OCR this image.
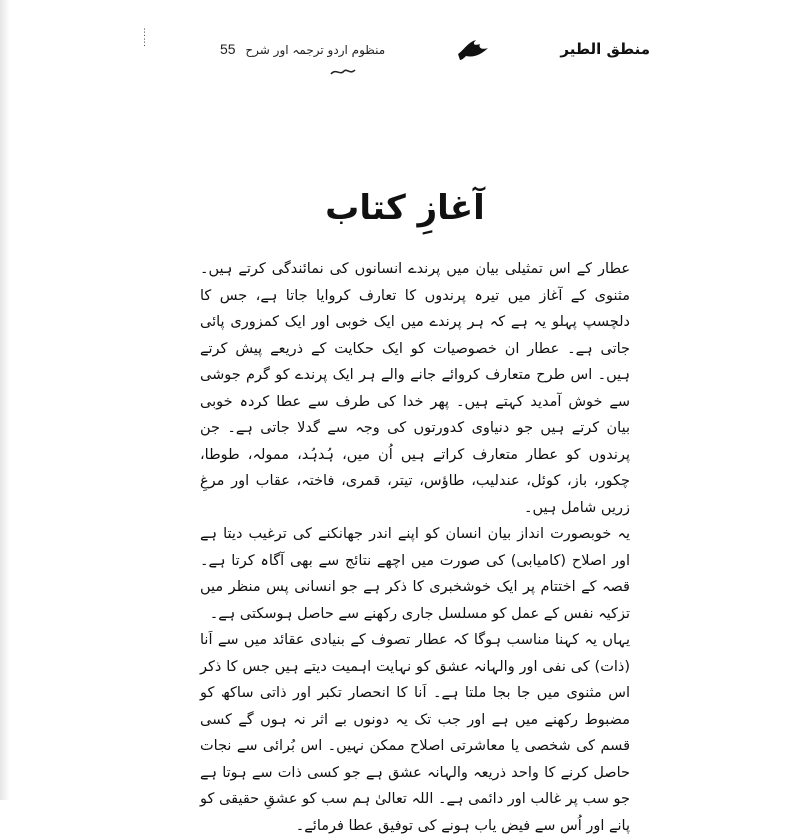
⋮
⋮	منطق الطیر
منظوم اردو ترجمہ اور شرح 55
آغازِ کتاب

عطار کے اس تمثیلی بیان میں پرندے انسانوں کی نمائندگی کرتے ہیں۔ مثنوی کے آغاز میں تیرہ پرندوں کا تعارف کروایا جاتا ہے، جس کا دلچسپ پہلو یہ ہے کہ ہر پرندے میں ایک خوبی اور ایک کمزوری پائی جاتی ہے۔ عطار ان خصوصیات کو ایک حکایت کے ذریعے پیش کرتے ہیں۔ اس طرح متعارف کروائے جانے والے ہر ایک پرندے کو گرم جوشی سے خوش آمدید کہتے ہیں۔ پھر خدا کی طرف سے عطا کردہ خوبی بیان کرتے ہیں جو دنیاوی کدورتوں کی وجہ سے گدلا جاتی ہے۔ جن پرندوں کو عطار متعارف کراتے ہیں اُن میں، ہُدہُد، ممولہ، طوطا، چکور، باز، کوئل، عندلیب، طاؤس، تیتر، قمری، فاختہ، عقاب اور مرغِ زریں شامل ہیں۔

یہ خوبصورت انداز بیان انسان کو اپنے اندر جھانکنے کی ترغیب دیتا ہے اور اصلاح (کامیابی) کی صورت میں اچھے نتائج سے بھی آگاہ کرتا ہے۔ قصہ کے اختتام پر ایک خوشخبری کا ذکر ہے جو انسانی پس منظر میں تزکیہ نفس کے عمل کو مسلسل جاری رکھنے سے حاصل ہوسکتی ہے۔

یہاں یہ کہنا مناسب ہوگا کہ عطار تصوف کے بنیادی عقائد میں سے اَنا (ذات) کی نفی اور والہانہ عشق کو نہایت اہمیت دیتے ہیں جس کا ذکر اس مثنوی میں جا بجا ملتا ہے۔ اَنا کا انحصار تکبر اور ذاتی ساکھ کو مضبوط رکھنے میں ہے اور جب تک یہ دونوں بے اثر نہ ہوں گے کسی قسم کی شخصی یا معاشرتی اصلاح ممکن نہیں۔ اس بُرائی سے نجات حاصل کرنے کا واحد ذریعہ والہانہ عشق ہے جو کسی ذات سے ہوتا ہے جو سب پر غالب اور دائمی ہے۔ اللہ تعالیٰ ہم سب کو عشقِ حقیقی کو پانے اور اُس سے فیض یاب ہونے کی توفیق عطا فرمائے۔
